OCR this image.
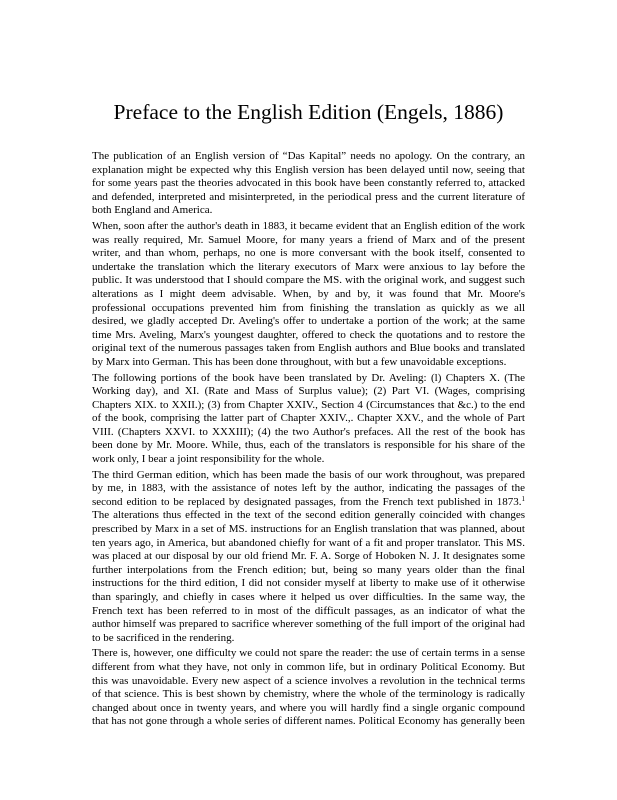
Preface to the English Edition (Engels, 1886)

The publication of an English version of “Das Kapital” needs no apology. On the contrary, an
explanation might be expected why this English version has been delayed until now, seeing that
for some years past the theories advocated in this book have been constantly referred to, attacked
and defended, interpreted and misinterpreted, in the periodical press and the current literature of
both England and America.

When, soon after the author's death in 1883, it became evident that an English edition of the work
was really required, Mr. Samuel Moore, for many years a friend of Marx and of the present
writer, and than whom, perhaps, no one is more conversant with the book itself, consented to
undertake the translation which the literary executors of Marx were anxious to lay before the
public. It was understood that I should compare the MS. with the original work, and suggest such
alterations as I might deem advisable. When, by and by, it was found that Mr. Moore's
professional occupations prevented him from finishing the translation as quickly as we all
desired, we gladly accepted Dr. Aveling's offer to undertake a portion of the work; at the same
time Mrs. Aveling, Marx's youngest daughter, offered to check the quotations and to restore the
original text of the numerous passages taken from English authors and Blue books and translated
by Marx into German. This has been done throughout, with but a few unavoidable exceptions.

The following portions of the book have been translated by Dr. Aveling: (l) Chapters X. (The
Working day), and XI. (Rate and Mass of Surplus value); (2) Part VI. (Wages, comprising
Chapters XIX. to XXII.); (3) from Chapter XXIV., Section 4 (Circumstances that &c.) to the end
of the book, comprising the latter part of Chapter XXIV.,. Chapter XXV., and the whole of Part
VIII. (Chapters XXVI. to XXXIII); (4) the two Author's prefaces. All the rest of the book has
been done by Mr. Moore. While, thus, each of the translators is responsible for his share of the
work only, I bear a joint responsibility for the whole.

The third German edition, which has been made the basis of our work throughout, was prepared
by me, in 1883, with the assistance of notes left by the author, indicating the passages of the
second edition to be replaced by designated passages, from the French text published in 1873.$^1$
The alterations thus effected in the text of the second edition generally coincided with changes
prescribed by Marx in a set of MS. instructions for an English translation that was planned, about
ten years ago, in America, but abandoned chiefly for want of a fit and proper translator. This MS.
was placed at our disposal by our old friend Mr. F. A. Sorge of Hoboken N. J. It designates some
further interpolations from the French edition; but, being so many years older than the final
instructions for the third edition, I did not consider myself at liberty to make use of it otherwise
than sparingly, and chiefly in cases where it helped us over difficulties. In the same way, the
French text has been referred to in most of the difficult passages, as an indicator of what the
author himself was prepared to sacrifice wherever something of the full import of the original had
to be sacrificed in the rendering.

There is, however, one difficulty we could not spare the reader: the use of certain terms in a sense
different from what they have, not only in common life, but in ordinary Political Economy. But
this was unavoidable. Every new aspect of a science involves a revolution in the technical terms
of that science. This is best shown by chemistry, where the whole of the terminology is radically
changed about once in twenty years, and where you will hardly find a single organic compound
that has not gone through a whole series of different names. Political Economy has generally been
